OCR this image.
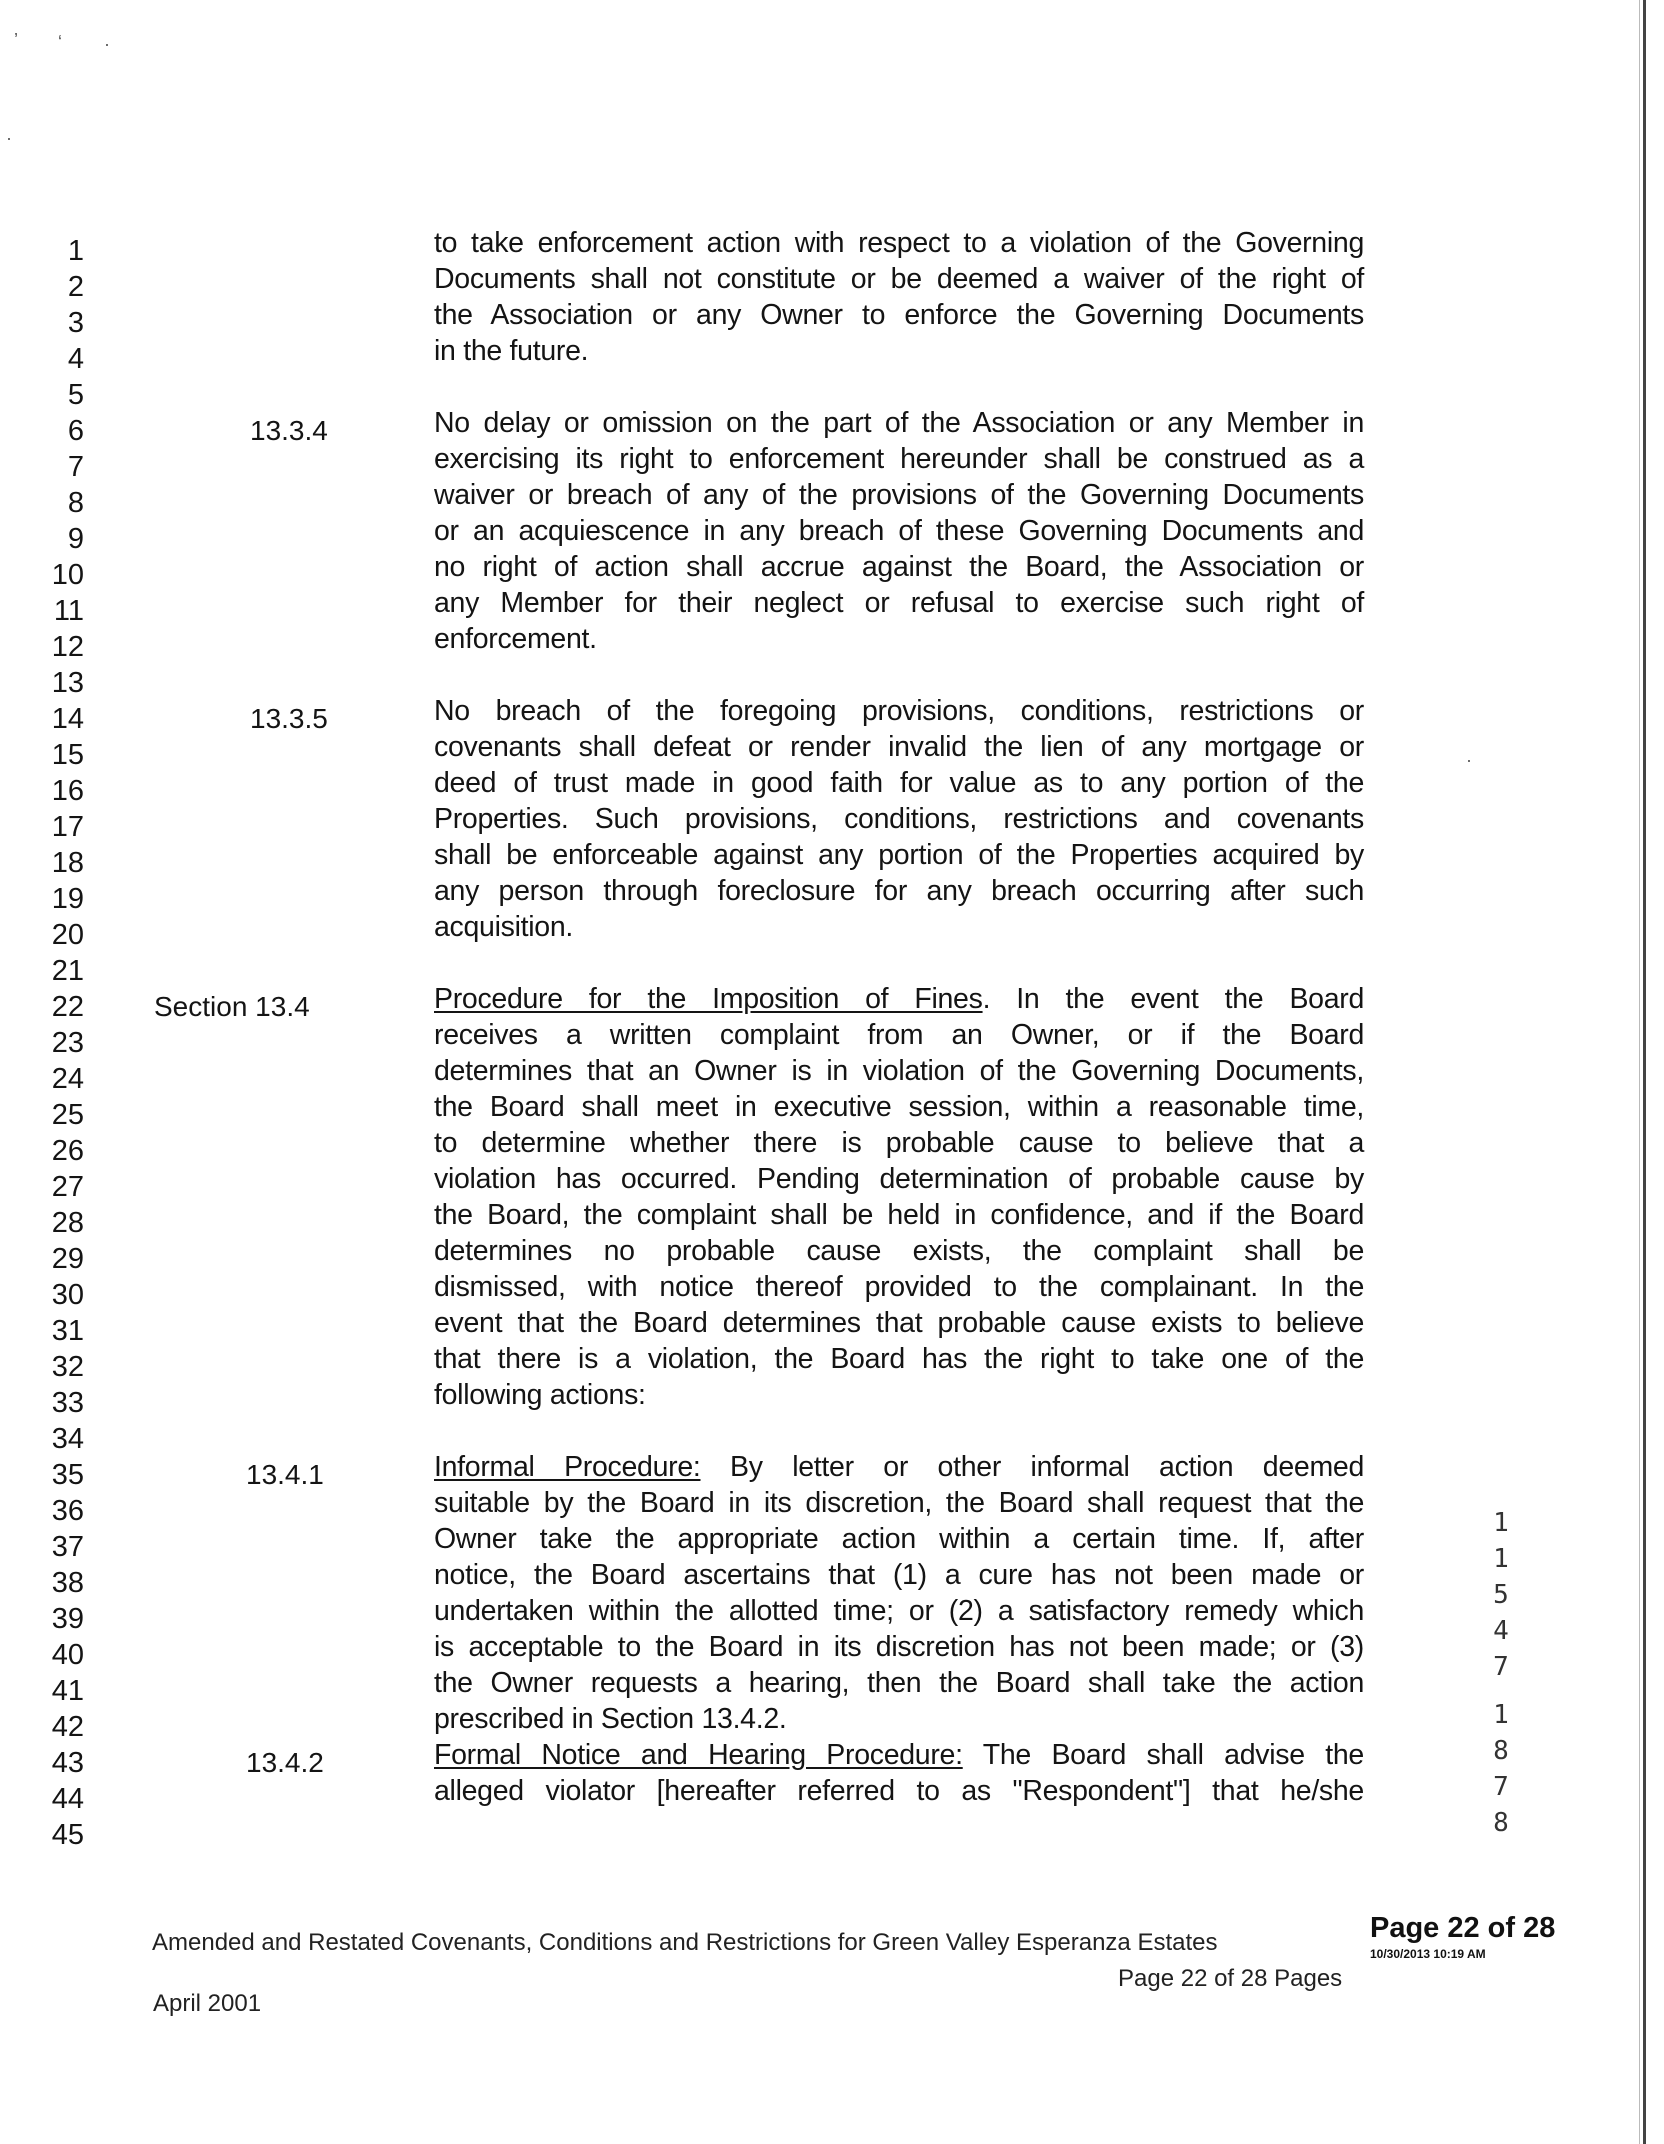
’ ‘ ·
·
·
1
2
3
4
5
6
7
8
9
10
11
12
13
14
15
16
17
18
19
20
21
22
23
24
25
26
27
28
29
30
31
32
33
34
35
36
37
38
39
40
41
42
43
44
45
to take enforcement action with respect to a violation of the Governing
Documents shall not constitute or be deemed a waiver of the right of
the Association or any Owner to enforce the Governing Documents
in the future.
13.3.4	No delay or omission on the part of the Association or any Member in
exercising its right to enforcement hereunder shall be construed as a
waiver or breach of any of the provisions of the Governing Documents
or an acquiescence in any breach of these Governing Documents and
no right of action shall accrue against the Board, the Association or
any Member for their neglect or refusal to exercise such right of
enforcement.
13.3.5	No breach of the foregoing provisions, conditions, restrictions or
covenants shall defeat or render invalid the lien of any mortgage or
deed of trust made in good faith for value as to any portion of the
Properties. Such provisions, conditions, restrictions and covenants
shall be enforceable against any portion of the Properties acquired by
any person through foreclosure for any breach occurring after such
acquisition.
Section 13.4	Procedure for the Imposition of Fines. In the event the Board
receives a written complaint from an Owner, or if the Board
determines that an Owner is in violation of the Governing Documents,
the Board shall meet in executive session, within a reasonable time,
to determine whether there is probable cause to believe that a
violation has occurred. Pending determination of probable cause by
the Board, the complaint shall be held in confidence, and if the Board
determines no probable cause exists, the complaint shall be
dismissed, with notice thereof provided to the complainant. In the
event that the Board determines that probable cause exists to believe
that there is a violation, the Board has the right to take one of the
following actions:
13.4.1	Informal Procedure: By letter or other informal action deemed
suitable by the Board in its discretion, the Board shall request that the
Owner take the appropriate action within a certain time. If, after
notice, the Board ascertains that (1) a cure has not been made or
undertaken within the allotted time; or (2) a satisfactory remedy which
is acceptable to the Board in its discretion has not been made; or (3)
the Owner requests a hearing, then the Board shall take the action
prescribed in Section 13.4.2.
13.4.2	Formal Notice and Hearing Procedure: The Board shall advise the
alleged violator [hereafter referred to as "Respondent"] that he/she
1
1
5
4
7
1
8
7
8
Amended and Restated Covenants, Conditions and Restrictions for Green Valley Esperanza Estates	Page 22 of 28
10/30/2013 10:19 AM
Page 22 of 28 Pages
April 2001
